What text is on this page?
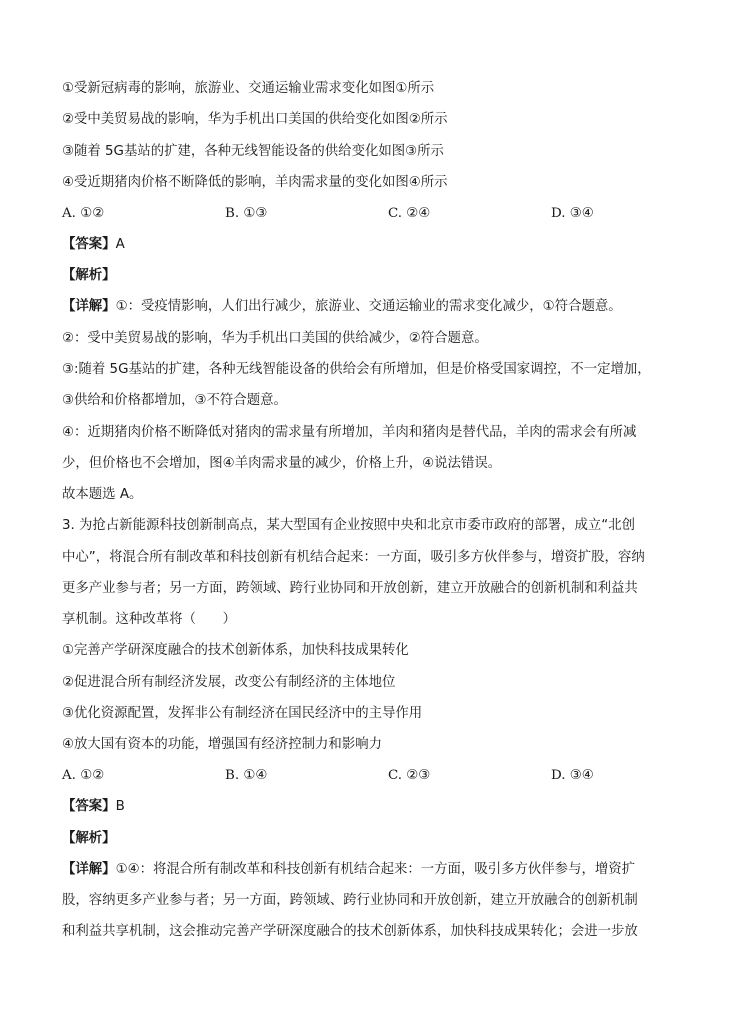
①受新冠病毒的影响，旅游业、交通运输业需求变化如图①所示
②受中美贸易战的影响，华为手机出口美国的供给变化如图②所示
③随着 5G基站的扩建，各种无线智能设备的供给变化如图③所示
④受近期猪肉价格不断降低的影响，羊肉需求量的变化如图④所示
A. ①②	B. ①③	C. ②④	D. ③④
【答案】A
【解析】
【详解】①：受疫情影响，人们出行减少，旅游业、交通运输业的需求变化减少，①符合题意。
②：受中美贸易战的影响，华为手机出口美国的供给减少，②符合题意。
③:随着 5G基站的扩建，各种无线智能设备的供给会有所增加，但是价格受国家调控，不一定增加，
③供给和价格都增加，③不符合题意。
④：近期猪肉价格不断降低对猪肉的需求量有所增加，羊肉和猪肉是替代品，羊肉的需求会有所减
少，但价格也不会增加，图④羊肉需求量的减少，价格上升，④说法错误。
故本题选 A。
3. 为抢占新能源科技创新制高点，某大型国有企业按照中央和北京市委市政府的部署，成立“北创
中心”，将混合所有制改革和科技创新有机结合起来：一方面，吸引多方伙伴参与，增资扩股，容纳
更多产业参与者；另一方面，跨领域、跨行业协同和开放创新，建立开放融合的创新机制和利益共
享机制。这种改革将（　　）
①完善产学研深度融合的技术创新体系，加快科技成果转化
②促进混合所有制经济发展，改变公有制经济的主体地位
③优化资源配置，发挥非公有制经济在国民经济中的主导作用
④放大国有资本的功能，增强国有经济控制力和影响力
A. ①②	B. ①④	C. ②③	D. ③④
【答案】B
【解析】
【详解】①④：将混合所有制改革和科技创新有机结合起来：一方面，吸引多方伙伴参与，增资扩
股，容纳更多产业参与者；另一方面，跨领域、跨行业协同和开放创新，建立开放融合的创新机制
和利益共享机制，这会推动完善产学研深度融合的技术创新体系，加快科技成果转化；会进一步放
